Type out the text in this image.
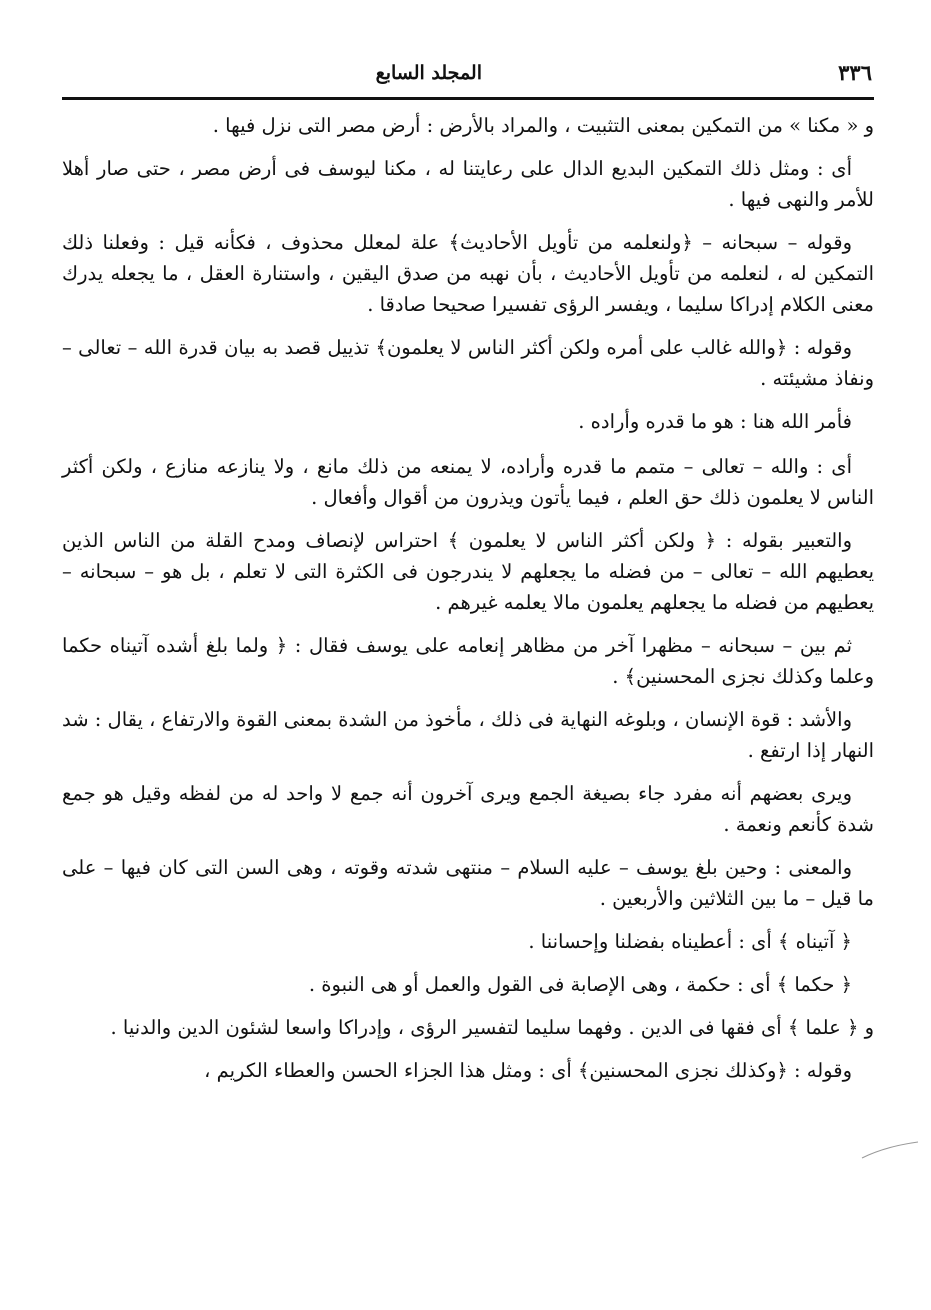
٣٣٦
المجلد السابع

و « مكنا » من التمكين بمعنى التثبيت ، والمراد بالأرض : أرض مصر التى نزل فيها .

أى : ومثل ذلك التمكين البديع الدال على رعايتنا له ، مكنا ليوسف فى أرض مصر ، حتى صار أهلا للأمر والنهى فيها .

وقوله – سبحانه – ﴿ولنعلمه من تأويل الأحاديث﴾ علة لمعلل محذوف ، فكأنه قيل : وفعلنا ذلك التمكين له ، لنعلمه من تأويل الأحاديث ، بأن نهبه من صدق اليقين ، واستنارة العقل ، ما يجعله يدرك معنى الكلام إدراكا سليما ، ويفسر الرؤى تفسيرا صحيحا صادقا .

وقوله : ﴿والله غالب على أمره ولكن أكثر الناس لا يعلمون﴾ تذييل قصد به بيان قدرة الله – تعالى – ونفاذ مشيئته .

فأمر الله هنا : هو ما قدره وأراده .

أى : والله – تعالى – متمم ما قدره وأراده، لا يمنعه من ذلك مانع ، ولا ينازعه منازع ، ولكن أكثر الناس لا يعلمون ذلك حق العلم ، فيما يأتون ويذرون من أقوال وأفعال .

والتعبير بقوله : ﴿ ولكن أكثر الناس لا يعلمون ﴾ احتراس لإنصاف ومدح القلة من الناس الذين يعطيهم الله – تعالى – من فضله ما يجعلهم لا يندرجون فى الكثرة التى لا تعلم ، بل هو – سبحانه – يعطيهم من فضله ما يجعلهم يعلمون مالا يعلمه غيرهم .

ثم بين – سبحانه – مظهرا آخر من مظاهر إنعامه على يوسف فقال : ﴿ ولما بلغ أشده آتيناه حكما وعلما وكذلك نجزى المحسنين﴾ .

والأشد : قوة الإنسان ، وبلوغه النهاية فى ذلك ، مأخوذ من الشدة بمعنى القوة والارتفاع ، يقال : شد النهار إذا ارتفع .

ويرى بعضهم أنه مفرد جاء بصيغة الجمع ويرى آخرون أنه جمع لا واحد له من لفظه وقيل هو جمع شدة كأنعم ونعمة .

والمعنى : وحين بلغ يوسف – عليه السلام – منتهى شدته وقوته ، وهى السن التى كان فيها – على ما قيل – ما بين الثلاثين والأربعين .

﴿ آتيناه ﴾ أى : أعطيناه بفضلنا وإحساننا .

﴿ حكما ﴾ أى : حكمة ، وهى الإصابة فى القول والعمل أو هى النبوة .

و ﴿ علما ﴾ أى فقها فى الدين . وفهما سليما لتفسير الرؤى ، وإدراكا واسعا لشئون الدين والدنيا .

وقوله : ﴿وكذلك نجزى المحسنين﴾ أى : ومثل هذا الجزاء الحسن والعطاء الكريم ،
